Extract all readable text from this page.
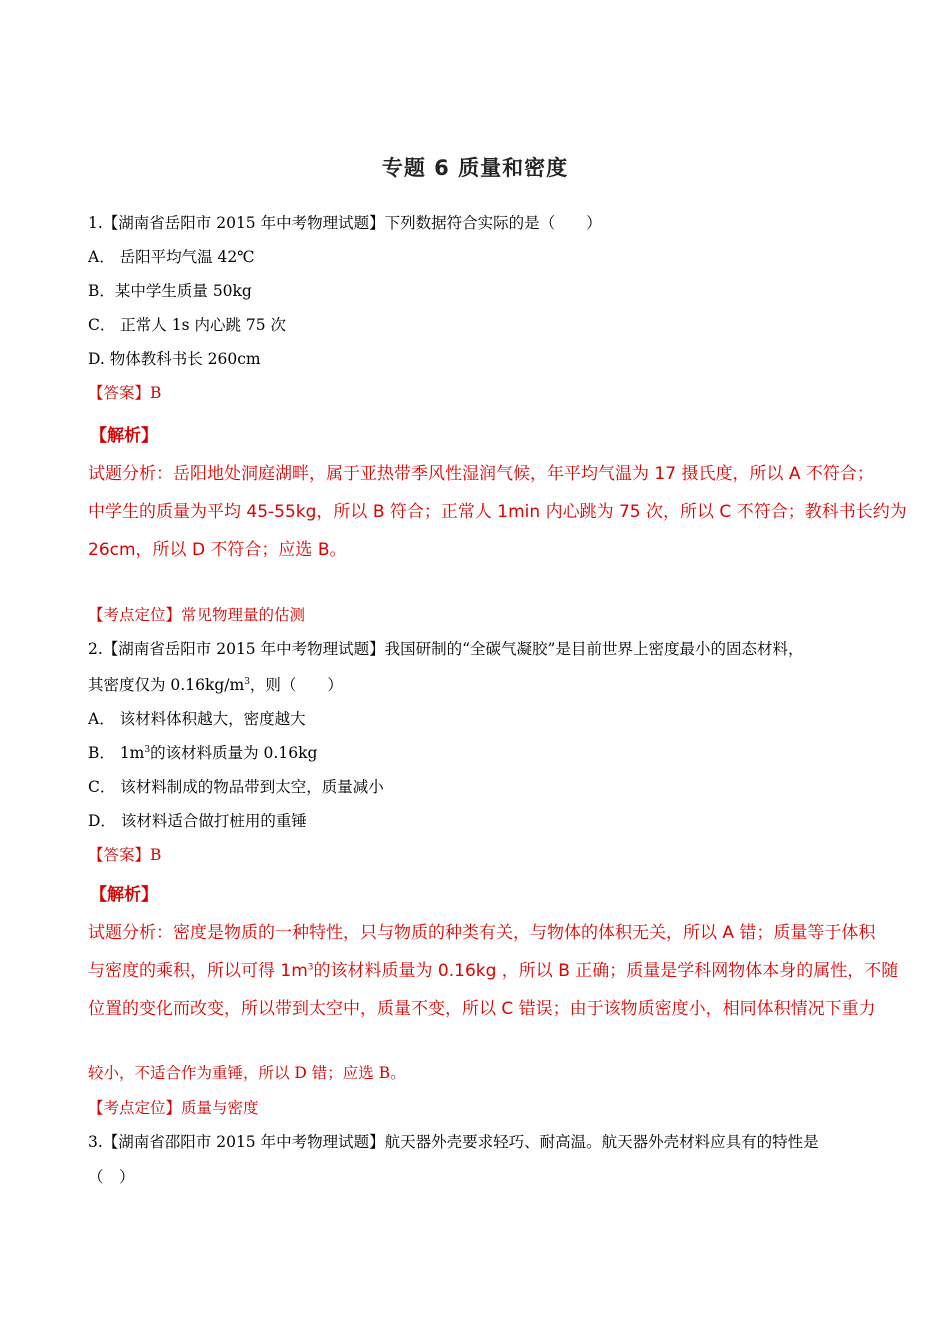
专题 6 质量和密度
1.【湖南省岳阳市 2015 年中考物理试题】下列数据符合实际的是（　　）
A． 岳阳平均气温 42℃
B．某中学生质量 50kg
C． 正常人 1s 内心跳 75 次
D. 物体教科书长 260cm
【答案】B
【解析】
试题分析：岳阳地处洞庭湖畔，属于亚热带季风性湿润气候，年平均气温为 17 摄氏度，所以 A 不符合；
中学生的质量为平均 45-55kg，所以 B 符合；正常人 1min 内心跳为 75 次，所以 C 不符合；教科书长约为
26cm，所以 D 不符合；应选 B。
【考点定位】常见物理量的估测
2.【湖南省岳阳市 2015 年中考物理试题】我国研制的“全碳气凝胶”是目前世界上密度最小的固态材料，
其密度仅为 $0.16kg/m^3$，则（　　）
A． 该材料体积越大，密度越大
B． $1m^3$的该材料质量为 0.16kg
C． 该材料制成的物品带到太空，质量减小
D． 该材料适合做打桩用的重锤
【答案】B
【解析】
试题分析：密度是物质的一种特性，只与物质的种类有关，与物体的体积无关，所以 A 错；质量等于体积
与密度的乘积，所以可得 $1m^3$的该材料质量为 0.16kg ，所以 B 正确；质量是学科网物体本身的属性，不随
位置的变化而改变，所以带到太空中，质量不变，所以 C 错误；由于该物质密度小，相同体积情况下重力
较小，不适合作为重锤，所以 D 错；应选 B。
【考点定位】质量与密度
3.【湖南省邵阳市 2015 年中考物理试题】航天器外壳要求轻巧、耐高温。航天器外壳材料应具有的特性是
（　）
